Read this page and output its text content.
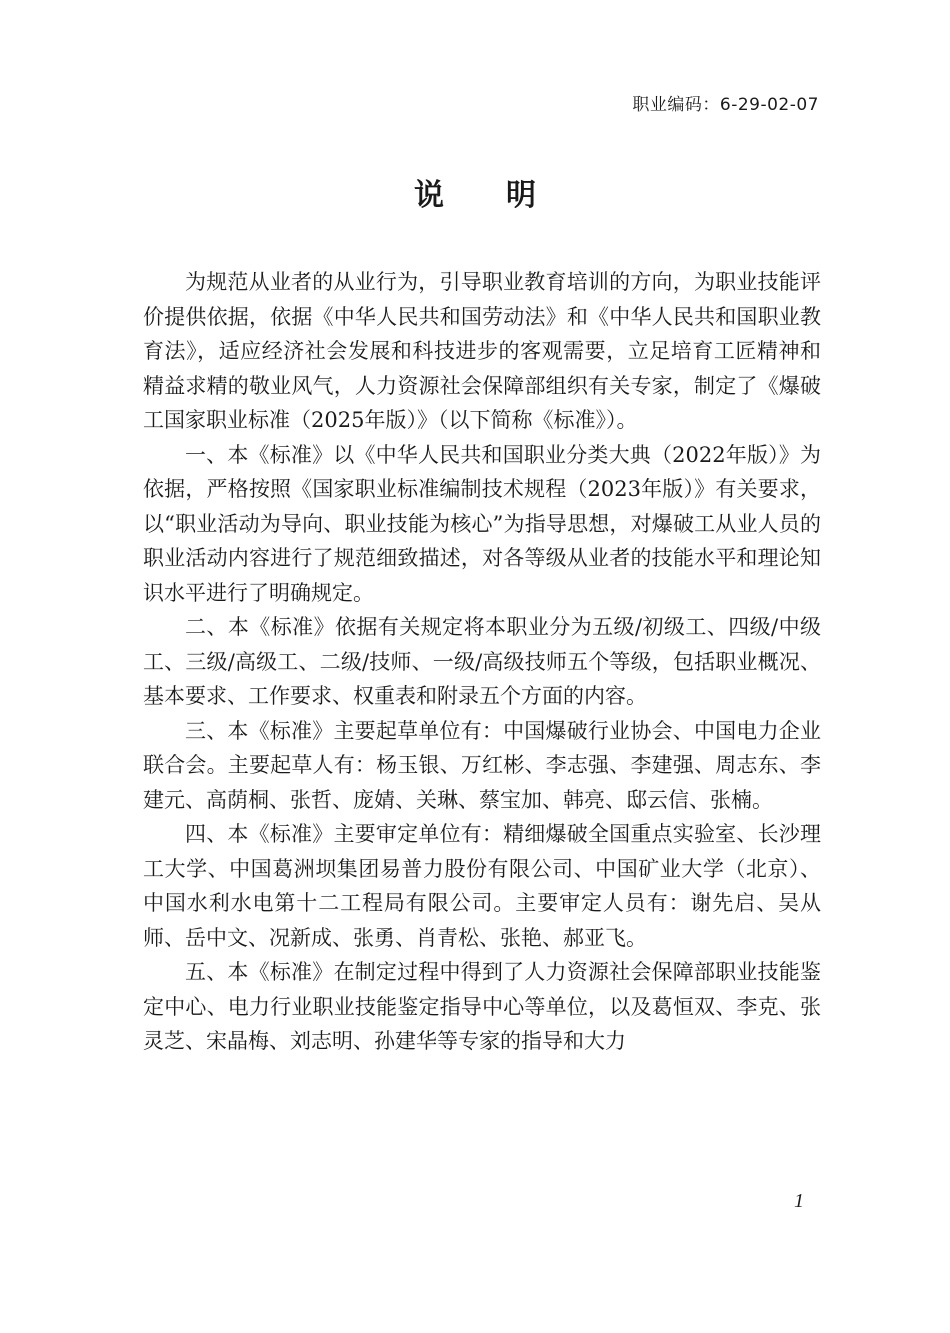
职业编码：6-29-02-07
说 明

为规范从业者的从业行为，引导职业教育培训的方向，为职业技能评价提供依据，依据《中华人民共和国劳动法》和《中华人民共和国职业教育法》，适应经济社会发展和科技进步的客观需要，立足培育工匠精神和精益求精的敬业风气，人力资源社会保障部组织有关专家，制定了《爆破工国家职业标准（2025年版）》（以下简称《标准》）。

一、本《标准》以《中华人民共和国职业分类大典（2022年版）》为依据，严格按照《国家职业标准编制技术规程（2023年版）》有关要求，以“职业活动为导向、职业技能为核心”为指导思想，对爆破工从业人员的职业活动内容进行了规范细致描述，对各等级从业者的技能水平和理论知识水平进行了明确规定。

二、本《标准》依据有关规定将本职业分为五级/初级工、四级/中级工、三级/高级工、二级/技师、一级/高级技师五个等级，包括职业概况、基本要求、工作要求、权重表和附录五个方面的内容。

三、本《标准》主要起草单位有：中国爆破行业协会、中国电力企业联合会。主要起草人有：杨玉银、万红彬、李志强、李建强、周志东、李建元、高荫桐、张哲、庞婧、关琳、蔡宝加、韩亮、邸云信、张楠。

四、本《标准》主要审定单位有：精细爆破全国重点实验室、长沙理工大学、中国葛洲坝集团易普力股份有限公司、中国矿业大学（北京）、中国水利水电第十二工程局有限公司。主要审定人员有：谢先启、吴从师、岳中文、况新成、张勇、肖青松、张艳、郝亚飞。

五、本《标准》在制定过程中得到了人力资源社会保障部职业技能鉴定中心、电力行业职业技能鉴定指导中心等单位，以及葛恒双、李克、张灵芝、宋晶梅、刘志明、孙建华等专家的指导和大力

1
